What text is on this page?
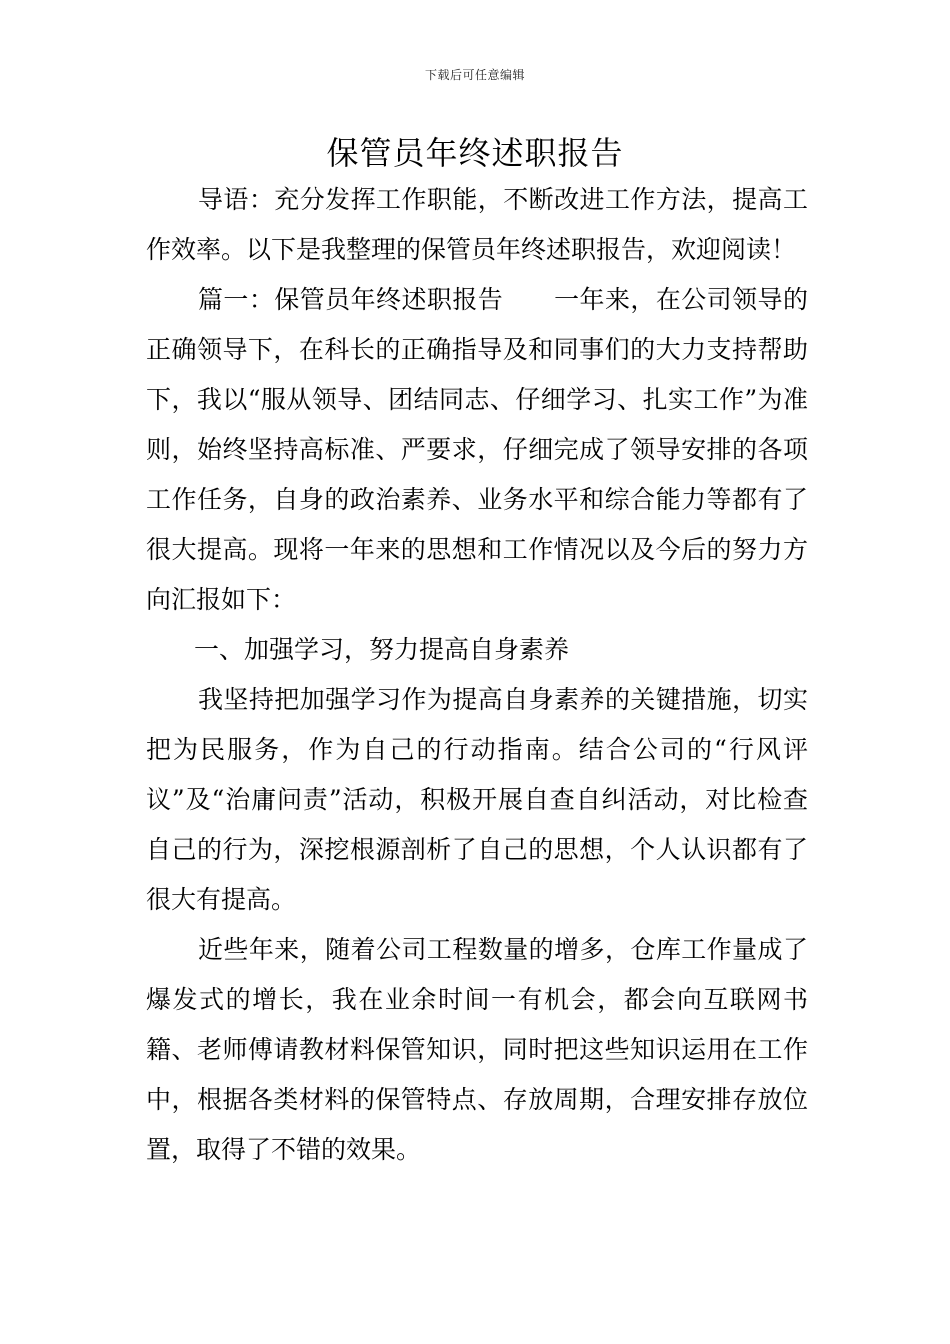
下载后可任意编辑
保管员年终述职报告

导语：充分发挥工作职能，不断改进工作方法，提高工作效率。以下是我整理的保管员年终述职报告，欢迎阅读！

篇一：保管员年终述职报告　　一年来，在公司领导的正确领导下，在科长的正确指导及和同事们的大力支持帮助下，我以“服从领导、团结同志、仔细学习、扎实工作”为准则，始终坚持高标准、严要求，仔细完成了领导安排的各项工作任务，自身的政治素养、业务水平和综合能力等都有了很大提高。现将一年来的思想和工作情况以及今后的努力方向汇报如下：

一、加强学习，努力提高自身素养

我坚持把加强学习作为提高自身素养的关键措施，切实把为民服务，作为自己的行动指南。结合公司的“行风评议”及“治庸问责”活动，积极开展自查自纠活动，对比检查自己的行为，深挖根源剖析了自己的思想，个人认识都有了很大有提高。

近些年来，随着公司工程数量的增多，仓库工作量成了爆发式的增长，我在业余时间一有机会，都会向互联网书籍、老师傅请教材料保管知识，同时把这些知识运用在工作中，根据各类材料的保管特点、存放周期，合理安排存放位置，取得了不错的效果。
